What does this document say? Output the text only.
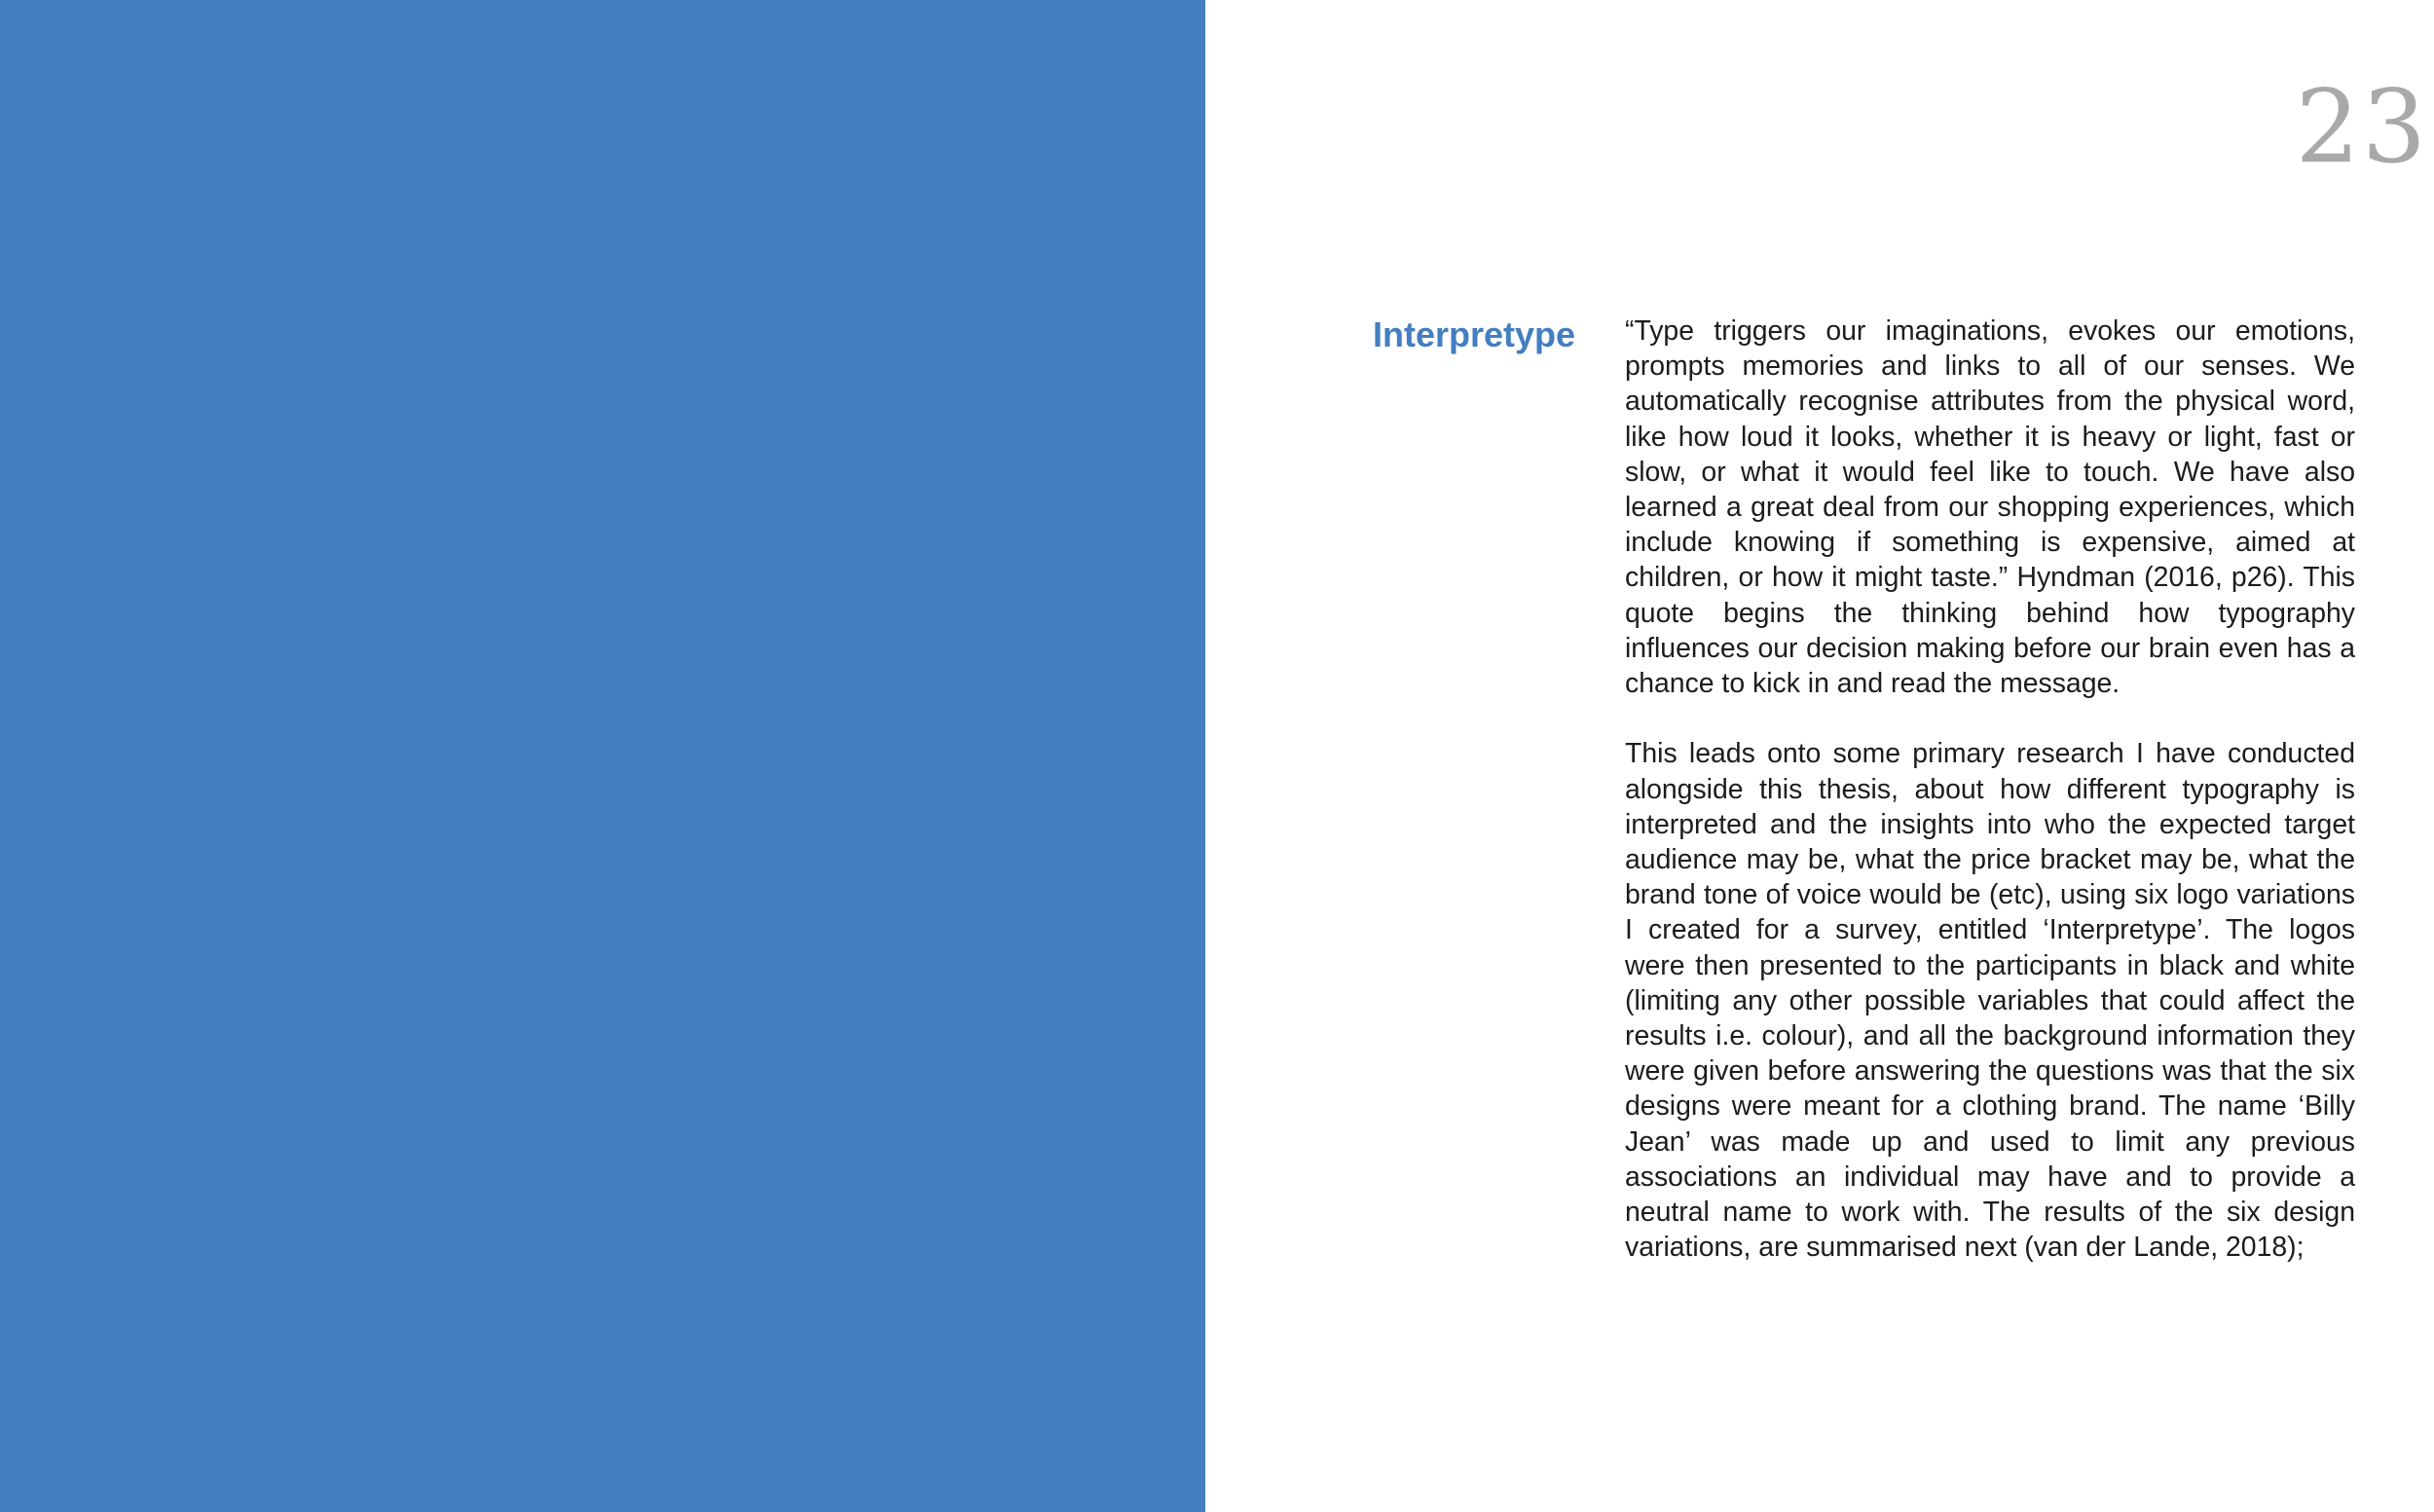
23
Interpretype	“Type triggers our imaginations, evokes our emotions, prompts memories and links to all of our senses. We automatically recognise attributes from the physical word, like how loud it looks, whether it is heavy or light, fast or slow, or what it would feel like to touch. We have also learned a great deal from our shopping experiences, which include knowing if something is expensive, aimed at children, or how it might taste.” Hyndman (2016, p26). This quote begins the thinking behind how typography influences our decision making before our brain even has a chance to kick in and read the message.

This leads onto some primary research I have conducted alongside this thesis, about how different typography is interpreted and the insights into who the expected target audience may be, what the price bracket may be, what the brand tone of voice would be (etc), using six logo variations I created for a survey, entitled ‘Interpretype’. The logos were then presented to the participants in black and white (limiting any other possible variables that could affect the results i.e. colour), and all the background information they were given before answering the questions was that the six designs were meant for a clothing brand. The name ‘Billy Jean’ was made up and used to limit any previous associations an individual may have and to provide a neutral name to work with. The results of the six design variations, are summarised next (van der Lande, 2018);
